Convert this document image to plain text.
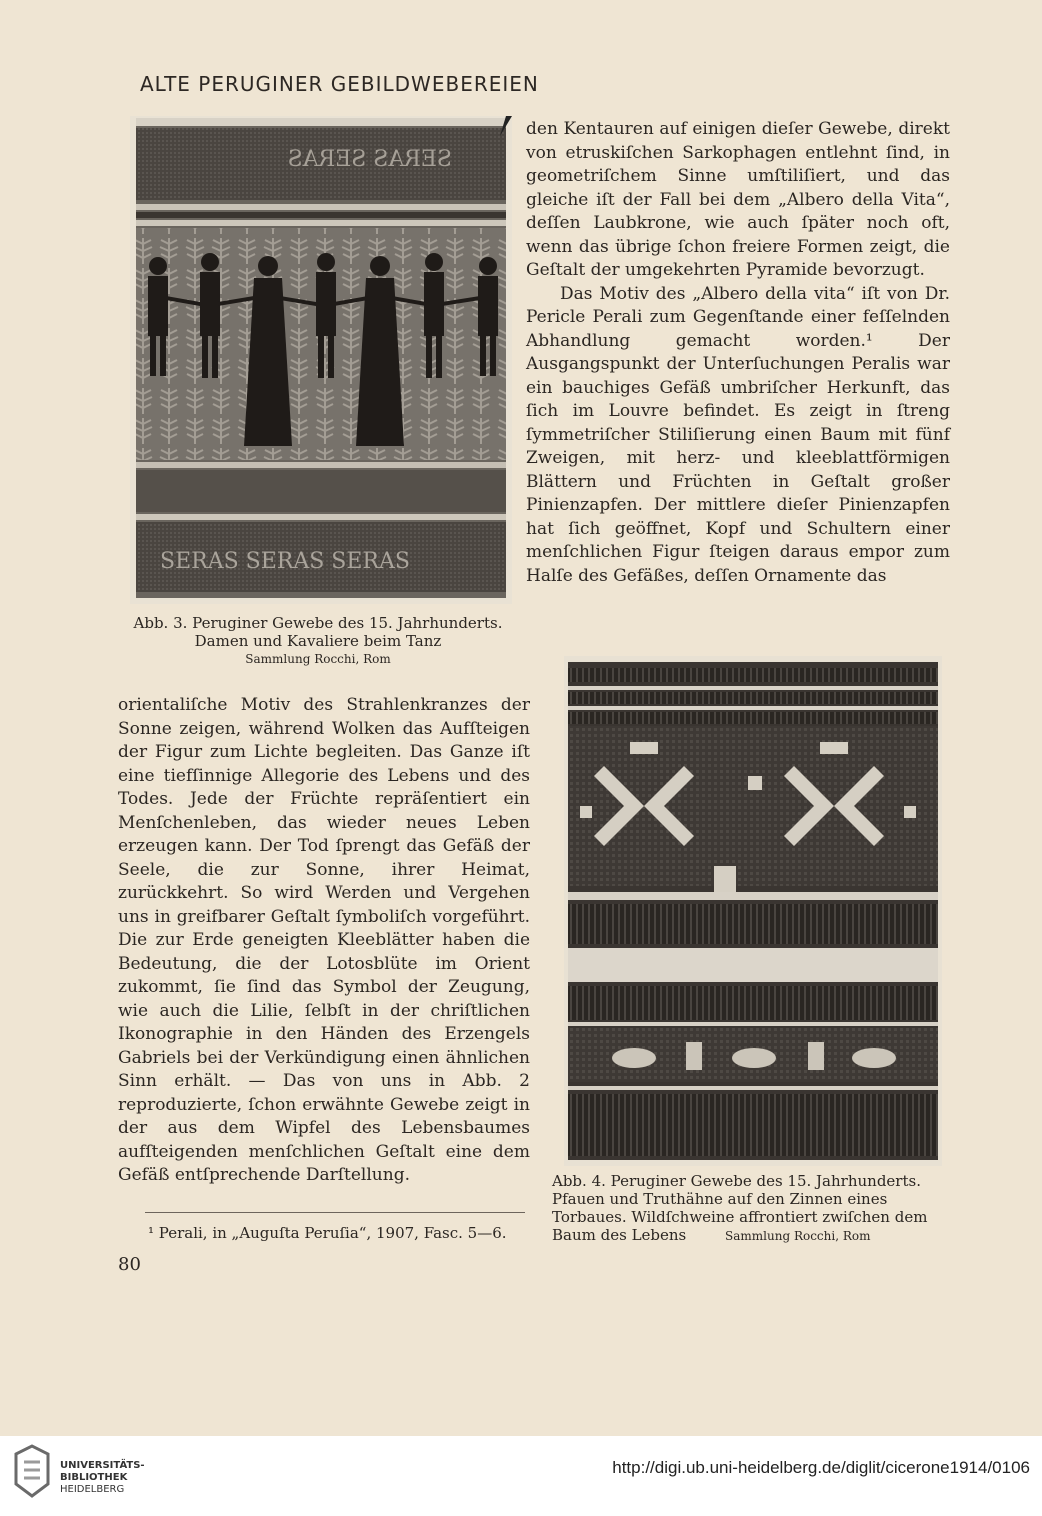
ALTE PERUGINER GEBILDWEBEREIEN
SERAS SERAS
SERAS SERAS SERAS
Abb. 3. Peruginer Gewebe des 15. Jahrhunderts.
Damen und Kavaliere beim Tanz
Sammlung Rocchi, Rom

den Kentauren auf einigen dieſer Gewebe, direkt von etruskiſchen Sarkophagen entlehnt ſind, in geometriſchem Sinne umſtiliſiert, und das gleiche iſt der Fall bei dem „Albero della Vita“, deſſen Laubkrone, wie auch ſpäter noch oft, wenn das übrige ſchon freiere Formen zeigt, die Geſtalt der umgekehrten Pyramide bevorzugt.

Das Motiv des „Albero della vita“ iſt von Dr. Pericle Perali zum Gegenſtande einer feſſelnden Abhandlung gemacht worden.¹ Der Ausgangspunkt der Unterſuchungen Peralis war ein bauchiges Gefäß umbriſcher Herkunft, das ſich im Louvre befindet. Es zeigt in ſtreng ſymmetriſcher Stiliſierung einen Baum mit fünf Zweigen, mit herz- und kleeblattförmigen Blättern und Früchten in Geſtalt großer Pinienzapfen. Der mittlere dieſer Pinienzapfen hat ſich geöffnet, Kopf und Schultern einer menſchlichen Figur ſteigen daraus empor zum Halſe des Gefäßes, deſſen Ornamente das

Abb. 4. Peruginer Gewebe des 15. Jahrhunderts. Pfauen und Truthähne auf den Zinnen eines Torbaues. Wildſchweine affrontiert zwiſchen dem Baum des Lebens	Sammlung Rocchi, Rom

orientaliſche Motiv des Strahlenkranzes der Sonne zeigen, während Wolken das Aufſteigen der Figur zum Lichte begleiten. Das Ganze iſt eine tiefſinnige Allegorie des Lebens und des Todes. Jede der Früchte repräſentiert ein Menſchenleben, das wieder neues Leben erzeugen kann. Der Tod ſprengt das Gefäß der Seele, die zur Sonne, ihrer Heimat, zurückkehrt. So wird Werden und Vergehen uns in greifbarer Geſtalt ſymboliſch vorgeführt. Die zur Erde geneigten Kleeblätter haben die Bedeutung, die der Lotosblüte im Orient zukommt, ſie ſind das Symbol der Zeugung, wie auch die Lilie, ſelbſt in der chriſtlichen Ikonographie in den Händen des Erzengels Gabriels bei der Verkündigung einen ähnlichen Sinn erhält. — Das von uns in Abb. 2 reproduzierte, ſchon erwähnte Gewebe zeigt in der aus dem Wipfel des Lebensbaumes aufſteigenden menſchlichen Geſtalt eine dem Gefäß entſprechende Darſtellung.

¹ Perali, in „Auguſta Peruſia“, 1907, Fasc. 5—6.
80
UNIVERSITÄTS-
BIBLIOTHEK
HEIDELBERG
http://digi.ub.uni-heidelberg.de/diglit/cicerone1914/0106
